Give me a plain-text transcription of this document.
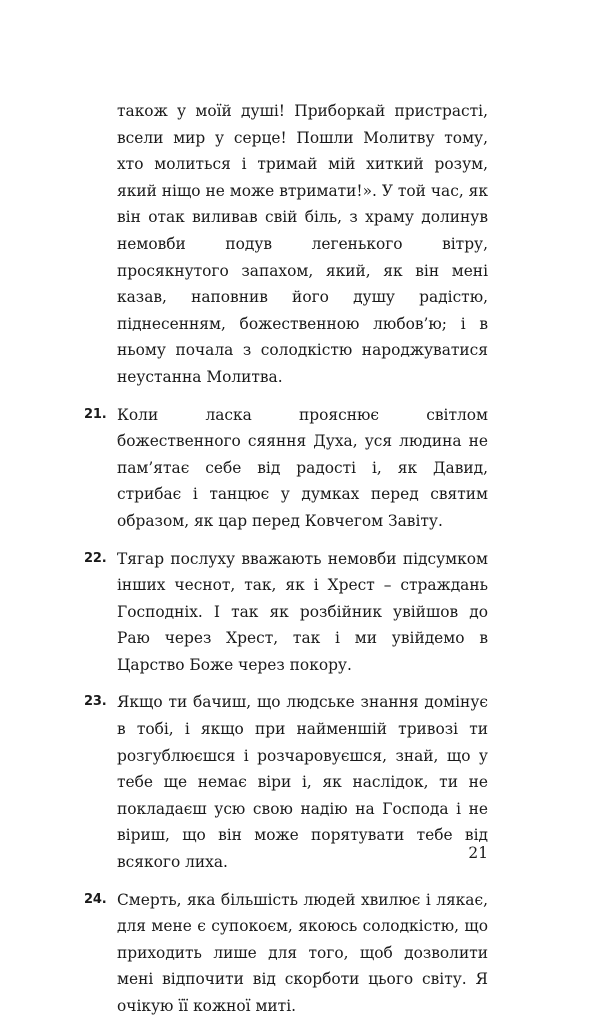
також у моїй душі! Приборкай пристрасті, всели мир у серце! Пошли Молитву тому, хто молиться і тримай мій хиткий розум, який ніщо не може втримати!». У той час, як він отак виливав свій біль, з храму долинув немовби подув легенького вітру, просякнутого запахом, який, як він мені казав, наповнив його душу радістю, піднесенням, божественною любов’ю; і в ньому почала з солодкістю народжуватися неустанна Молитва.

21. Коли ласка прояснює світлом божественного сяяння Духа, уся людина не пам’ятає себе від радості і, як Давид, стрибає і танцює у думках перед святим образом, як цар перед Ковчегом Завіту.

22. Тягар послуху вважають немовби підсумком інших чеснот, так, як і Хрест – страждань Господніх. І так як розбійник увійшов до Раю через Хрест, так і ми увійдемо в Царство Боже через покору.

23. Якщо ти бачиш, що людське знання домінує в тобі, і якщо при найменшій тривозі ти розгублюєшся і розчаровуєшся, знай, що у тебе ще немає віри і, як наслідок, ти не покладаєш усю свою надію на Господа і не віриш, що він може порятувати тебе від всякого лиха.

24. Смерть, яка більшість людей хвилює і лякає, для мене є супокоєм, якоюсь солодкістю, що приходить лише для того, щоб дозволити мені відпочити від скорботи цього світу. Я очікую її кожної миті.

21
